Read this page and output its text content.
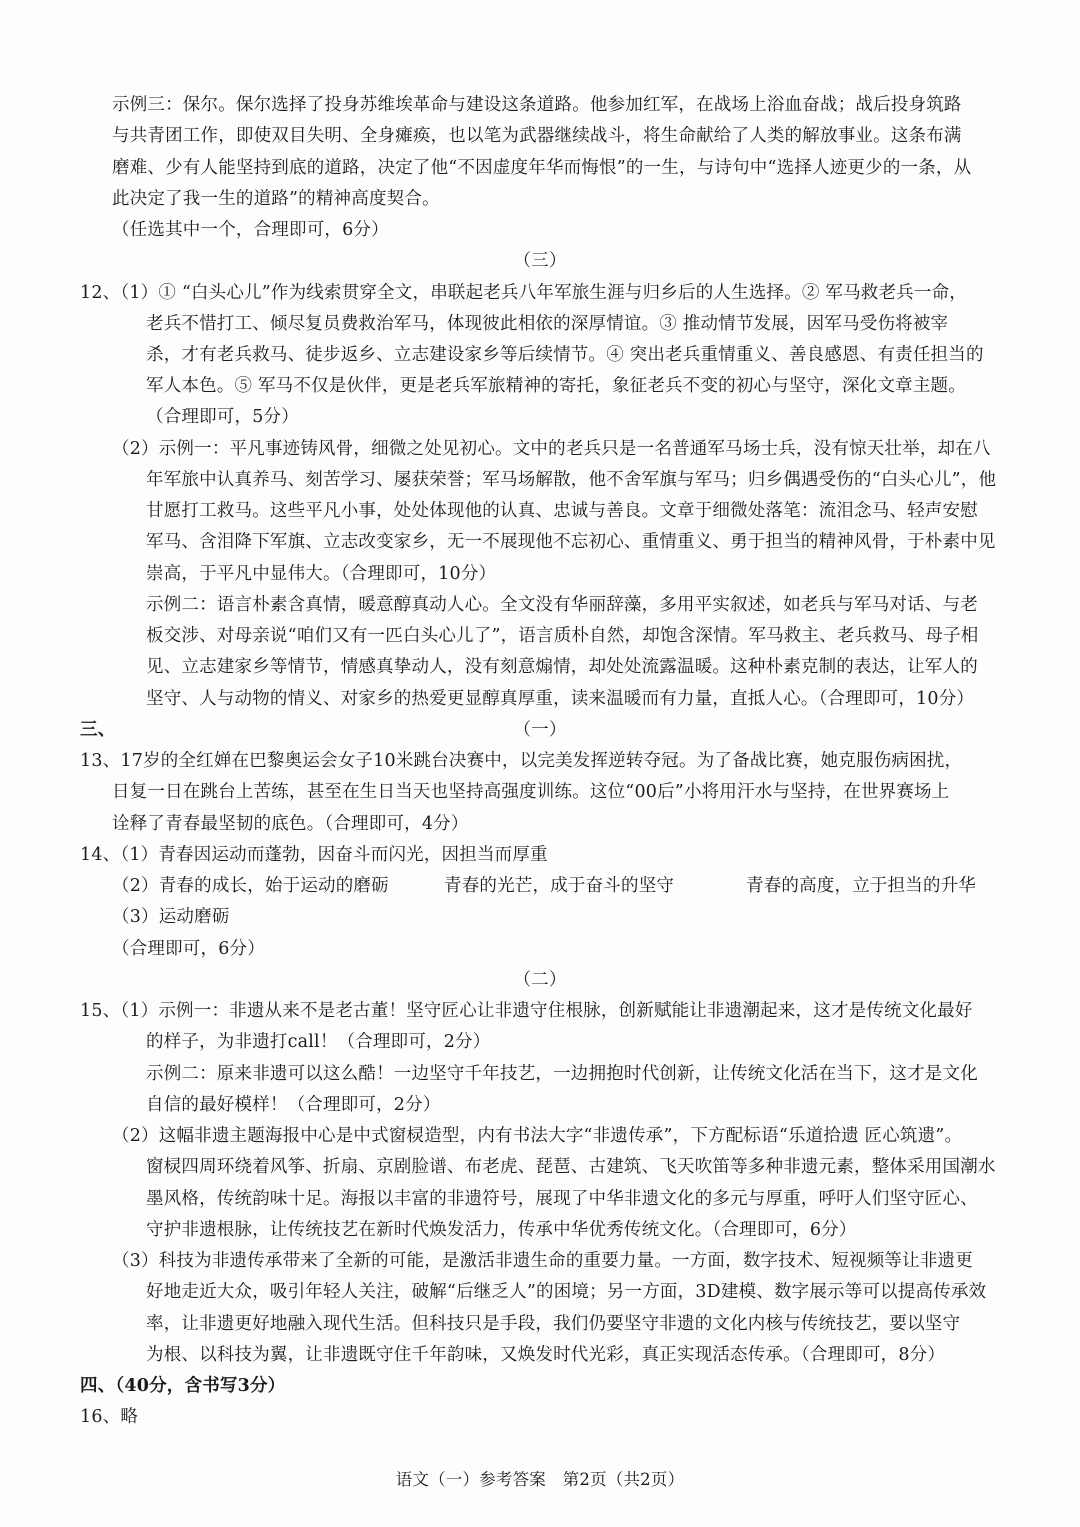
示例三：保尔。保尔选择了投身苏维埃革命与建设这条道路。他参加红军，在战场上浴血奋战；战后投身筑路
与共青团工作，即使双目失明、全身瘫痪，也以笔为武器继续战斗，将生命献给了人类的解放事业。这条布满
磨难、少有人能坚持到底的道路，决定了他“不因虚度年华而悔恨”的一生，与诗句中“选择人迹更少的一条，从
此决定了我一生的道路”的精神高度契合。
（任选其中一个，合理即可，6分）
（三）
12、（1）① “白头心儿”作为线索贯穿全文，串联起老兵八年军旅生涯与归乡后的人生选择。② 军马救老兵一命，
老兵不惜打工、倾尽复员费救治军马，体现彼此相依的深厚情谊。③ 推动情节发展，因军马受伤将被宰
杀，才有老兵救马、徒步返乡、立志建设家乡等后续情节。④ 突出老兵重情重义、善良感恩、有责任担当的
军人本色。⑤ 军马不仅是伙伴，更是老兵军旅精神的寄托，象征老兵不变的初心与坚守，深化文章主题。
（合理即可，5分）
（2）示例一：平凡事迹铸风骨，细微之处见初心。文中的老兵只是一名普通军马场士兵，没有惊天壮举，却在八
年军旅中认真养马、刻苦学习、屡获荣誉；军马场解散，他不舍军旗与军马；归乡偶遇受伤的“白头心儿”，他
甘愿打工救马。这些平凡小事，处处体现他的认真、忠诚与善良。文章于细微处落笔：流泪念马、轻声安慰
军马、含泪降下军旗、立志改变家乡，无一不展现他不忘初心、重情重义、勇于担当的精神风骨，于朴素中见
崇高，于平凡中显伟大。（合理即可，10分）
示例二：语言朴素含真情，暖意醇真动人心。全文没有华丽辞藻，多用平实叙述，如老兵与军马对话、与老
板交涉、对母亲说“咱们又有一匹白头心儿了”，语言质朴自然，却饱含深情。军马救主、老兵救马、母子相
见、立志建家乡等情节，情感真挚动人，没有刻意煽情，却处处流露温暖。这种朴素克制的表达，让军人的
坚守、人与动物的情义、对家乡的热爱更显醇真厚重，读来温暖而有力量，直抵人心。（合理即可，10分）
三、	（一）
13、17岁的全红婵在巴黎奥运会女子10米跳台决赛中，以完美发挥逆转夺冠。为了备战比赛，她克服伤病困扰，
日复一日在跳台上苦练，甚至在生日当天也坚持高强度训练。这位“00后”小将用汗水与坚持，在世界赛场上
诠释了青春最坚韧的底色。（合理即可，4分）
14、（1）青春因运动而蓬勃，因奋斗而闪光，因担当而厚重
（2）青春的成长，始于运动的磨砺	青春的光芒，成于奋斗的坚守	青春的高度，立于担当的升华
（3）运动磨砺
（合理即可，6分）
（二）
15、（1）示例一：非遗从来不是老古董！坚守匠心让非遗守住根脉，创新赋能让非遗潮起来，这才是传统文化最好
的样子，为非遗打call！（合理即可，2分）
示例二：原来非遗可以这么酷！一边坚守千年技艺，一边拥抱时代创新，让传统文化活在当下，这才是文化
自信的最好模样！（合理即可，2分）
（2）这幅非遗主题海报中心是中式窗棂造型，内有书法大字“非遗传承”，下方配标语“乐道拾遗 匠心筑遗”。
窗棂四周环绕着风筝、折扇、京剧脸谱、布老虎、琵琶、古建筑、飞天吹笛等多种非遗元素，整体采用国潮水
墨风格，传统韵味十足。海报以丰富的非遗符号，展现了中华非遗文化的多元与厚重，呼吁人们坚守匠心、
守护非遗根脉，让传统技艺在新时代焕发活力，传承中华优秀传统文化。（合理即可，6分）
（3）科技为非遗传承带来了全新的可能，是激活非遗生命的重要力量。一方面，数字技术、短视频等让非遗更
好地走近大众，吸引年轻人关注，破解“后继乏人”的困境；另一方面，3D建模、数字展示等可以提高传承效
率，让非遗更好地融入现代生活。但科技只是手段，我们仍要坚守非遗的文化内核与传统技艺，要以坚守
为根、以科技为翼，让非遗既守住千年韵味，又焕发时代光彩，真正实现活态传承。（合理即可，8分）
四、（40分，含书写3分）
16、略
语文（一）参考答案　第2页（共2页）
